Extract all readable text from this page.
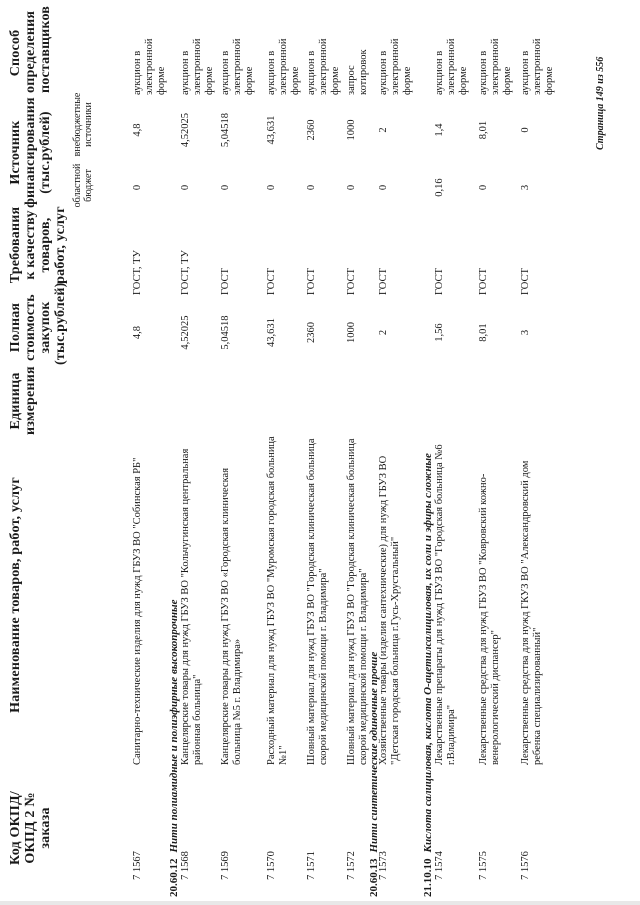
Код ОКПД/ ОКПД 2 № заказа
Наименование товаров, работ, услуг
Единица измерения
Полная стоимость закупок (тыс.рублей)
Требования к качеству товаров, работ, услуг
Источник финансирования (тыс.рублей) областной бюджет
внебюджетные источники
Способ определения поставщиков
7 1567
Санитарно-технические изделия для нужд ГБУЗ ВО "Собинская РБ"
4,8
ГОСТ, ТУ
0
4,8
аукцион в электронной форме
20.60.12Нити полиамидные и полиэфирные высокопрочные
7 1568
Канцелярские товары для нужд ГБУЗ ВО "Кольчугинская центральная районная больница"
4,52025
ГОСТ, ТУ
0
4,52025
аукцион в электронной форме
7 1569
Канцелярские товары для нужд ГБУЗ ВО «Городская клиническая больница №5 г. Владимира»
5,04518
ГОСТ
0
5,04518
аукцион в электронной форме
7 1570
Расходный материал для нужд ГБУЗ ВО "Муромская городская больница №1"
43,631
ГОСТ
0
43,631
аукцион в электронной форме
7 1571
Шовный материал для нужд ГБУЗ ВО "Городская клиническая больница скорой медицинской помощи г. Владимира"
2360
ГОСТ
0
2360
аукцион в электронной форме
7 1572
Шовный материал для нужд ГБУЗ ВО "Городская клиническая больница скорой медицинской помощи г. Владимира"
1000
ГОСТ
0
1000
запрос котировок
20.60.13Нити синтетические одиночные прочие
7 1573
Хозяйственные товары (изделия сантехнические) для нужд ГБУЗ ВО "Детская городская больница г.Гусь-Хрустальный"
2
ГОСТ
0
2
аукцион в электронной форме
21.10.10Кислота салициловая, кислота О-ацетилсалициловая, их соли и эфиры сложные
7 1574
Лекарственные препараты для нужд ГБУЗ ВО "Городская больница №6 г.Владимира"
1,56
ГОСТ
0,16
1,4
аукцион в электронной форме
7 1575
Лекарственные средства для нужд ГБУЗ ВО "Ковровский кожно-венерологический диспансер"
8,01
ГОСТ
0
8,01
аукцион в электронной форме
7 1576
Лекарственные средства для нужд ГКУЗ ВО "Александровский дом ребенка специализированный"
3
ГОСТ
3
0
аукцион в электронной форме	Страница 149 из 556
